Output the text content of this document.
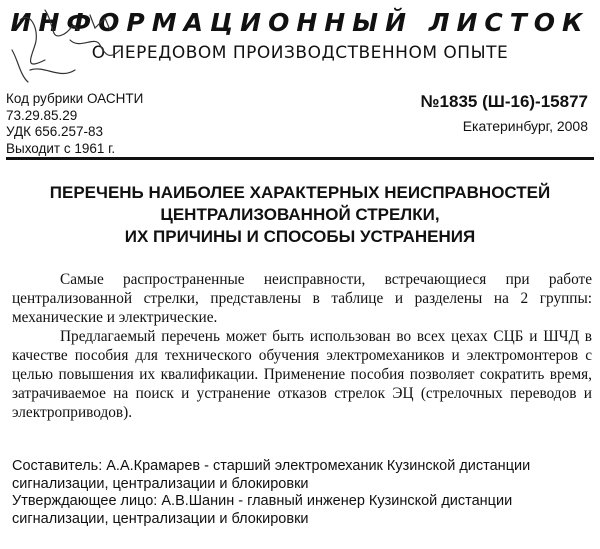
ИНФОРМАЦИОННЫЙ ЛИСТОК
О ПЕРЕДОВОМ ПРОИЗВОДСТВЕННОМ ОПЫТЕ
Код рубрики ОАСНТИ
73.29.85.29
УДК 656.257-83
Выходит с 1961 г.
№1835 (Ш-16)-15877
Екатеринбург, 2008
ПЕРЕЧЕНЬ НАИБОЛЕЕ ХАРАКТЕРНЫХ НЕИСПРАВНОСТЕЙ
ЦЕНТРАЛИЗОВАННОЙ СТРЕЛКИ,
ИХ ПРИЧИНЫ И СПОСОБЫ УСТРАНЕНИЯ

Самые распространенные неисправности, встречающиеся при работе централизованной стрелки, представлены в таблице и разделены на 2 группы: механические и электрические.

Предлагаемый перечень может быть использован во всех цехах СЦБ и ШЧД в качестве пособия для технического обучения электромехаников и электромонтеров с целью повышения их квалификации. Применение пособия позволяет сократить время, затрачиваемое на поиск и устранение отказов стрелок ЭЦ (стрелочных переводов и электроприводов).

Составитель: А.А.Крамарев - старший электромеханик Кузинской дистанции сигнализации, централизации и блокировки

Утверждающее лицо: А.В.Шанин - главный инженер Кузинской дистанции сигнализации, централизации и блокировки
